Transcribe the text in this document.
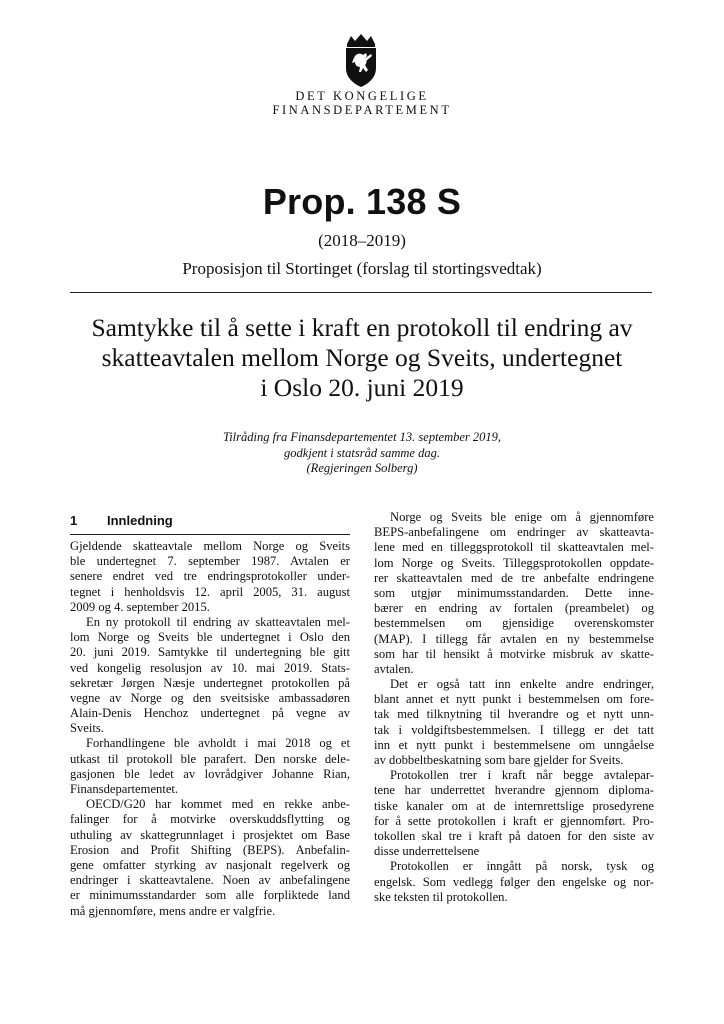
DET KONGELIGE
FINANSDEPARTEMENT
Prop. 138 S
(2018–2019)
Proposisjon til Stortinget (forslag til stortingsvedtak)
Samtykke til å sette i kraft en protokoll til endring av
skatteavtalen mellom Norge og Sveits, undertegnet
i Oslo 20. juni 2019
Tilråding fra Finansdepartementet 13. september 2019,
godkjent i statsråd samme dag.
(Regjeringen Solberg)
1	Innledning
Gjeldende skatteavtale mellom Norge og Sveits
ble undertegnet 7. september 1987. Avtalen er
senere endret ved tre endringsprotokoller under-
tegnet i henholdsvis 12. april 2005, 31. august
2009 og 4. september 2015.
En ny protokoll til endring av skatteavtalen mel-
lom Norge og Sveits ble undertegnet i Oslo den
20. juni 2019. Samtykke til undertegning ble gitt
ved kongelig resolusjon av 10. mai 2019. Stats-
sekretær Jørgen Næsje undertegnet protokollen på
vegne av Norge og den sveitsiske ambassadøren
Alain-Denis Henchoz undertegnet på vegne av
Sveits.
Forhandlingene ble avholdt i mai 2018 og et
utkast til protokoll ble parafert. Den norske dele-
gasjonen ble ledet av lovrådgiver Johanne Rian,
Finansdepartementet.
OECD/G20 har kommet med en rekke anbe-
falinger for å motvirke overskuddsflytting og
uthuling av skattegrunnlaget i prosjektet om Base
Erosion and Profit Shifting (BEPS). Anbefalin-
gene omfatter styrking av nasjonalt regelverk og
endringer i skatteavtalene. Noen av anbefalingene
er minimumsstandarder som alle forpliktede land
må gjennomføre, mens andre er valgfrie.
Norge og Sveits ble enige om å gjennomføre
BEPS-anbefalingene om endringer av skatteavta-
lene med en tilleggsprotokoll til skatteavtalen mel-
lom Norge og Sveits. Tilleggsprotokollen oppdate-
rer skatteavtalen med de tre anbefalte endringene
som utgjør minimumsstandarden. Dette inne-
bærer en endring av fortalen (preambelet) og
bestemmelsen om gjensidige overenskomster
(MAP). I tillegg får avtalen en ny bestemmelse
som har til hensikt å motvirke misbruk av skatte-
avtalen.
Det er også tatt inn enkelte andre endringer,
blant annet et nytt punkt i bestemmelsen om fore-
tak med tilknytning til hverandre og et nytt unn-
tak i voldgiftsbestemmelsen. I tillegg er det tatt
inn et nytt punkt i bestemmelsene om unngåelse
av dobbeltbeskatning som bare gjelder for Sveits.
Protokollen trer i kraft når begge avtalepar-
tene har underrettet hverandre gjennom diploma-
tiske kanaler om at de internrettslige prosedyrene
for å sette protokollen i kraft er gjennomført. Pro-
tokollen skal tre i kraft på datoen for den siste av
disse underrettelsene
Protokollen er inngått på norsk, tysk og
engelsk. Som vedlegg følger den engelske og nor-
ske teksten til protokollen.
